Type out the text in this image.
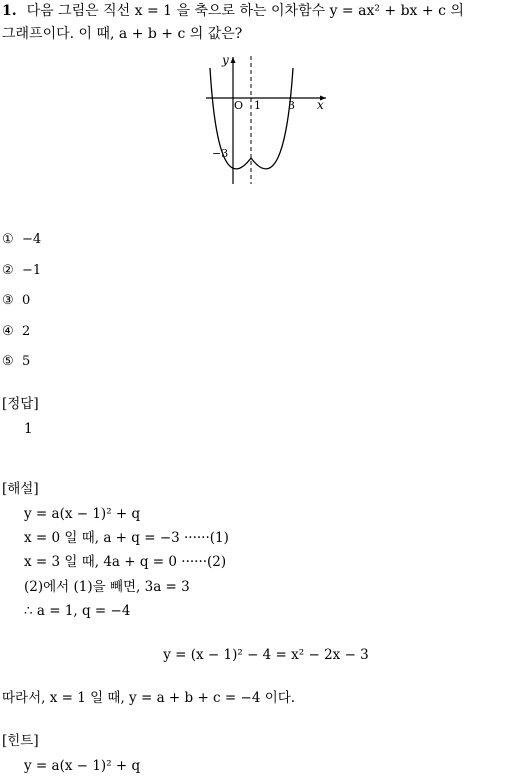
1. 다음 그림은 직선 x = 1 을 축으로 하는 이차함수 y = ax² + bx + c 의
그래프이다. 이 때, a + b + c 의 값은?
y
x
O 1 3
−3
① −4
② −1
③ 0
④ 2
⑤ 5
[정답]
1
[해설]
y = a(x − 1)² + q
x = 0 일 때, a + q = −3 ······(1)
x = 3 일 때, 4a + q = 0 ······(2)
(2)에서 (1)을 빼면, 3a = 3
∴ a = 1, q = −4
y = (x − 1)² − 4 = x² − 2x − 3
따라서, x = 1 일 때, y = a + b + c = −4 이다.
[힌트]
y = a(x − 1)² + q
